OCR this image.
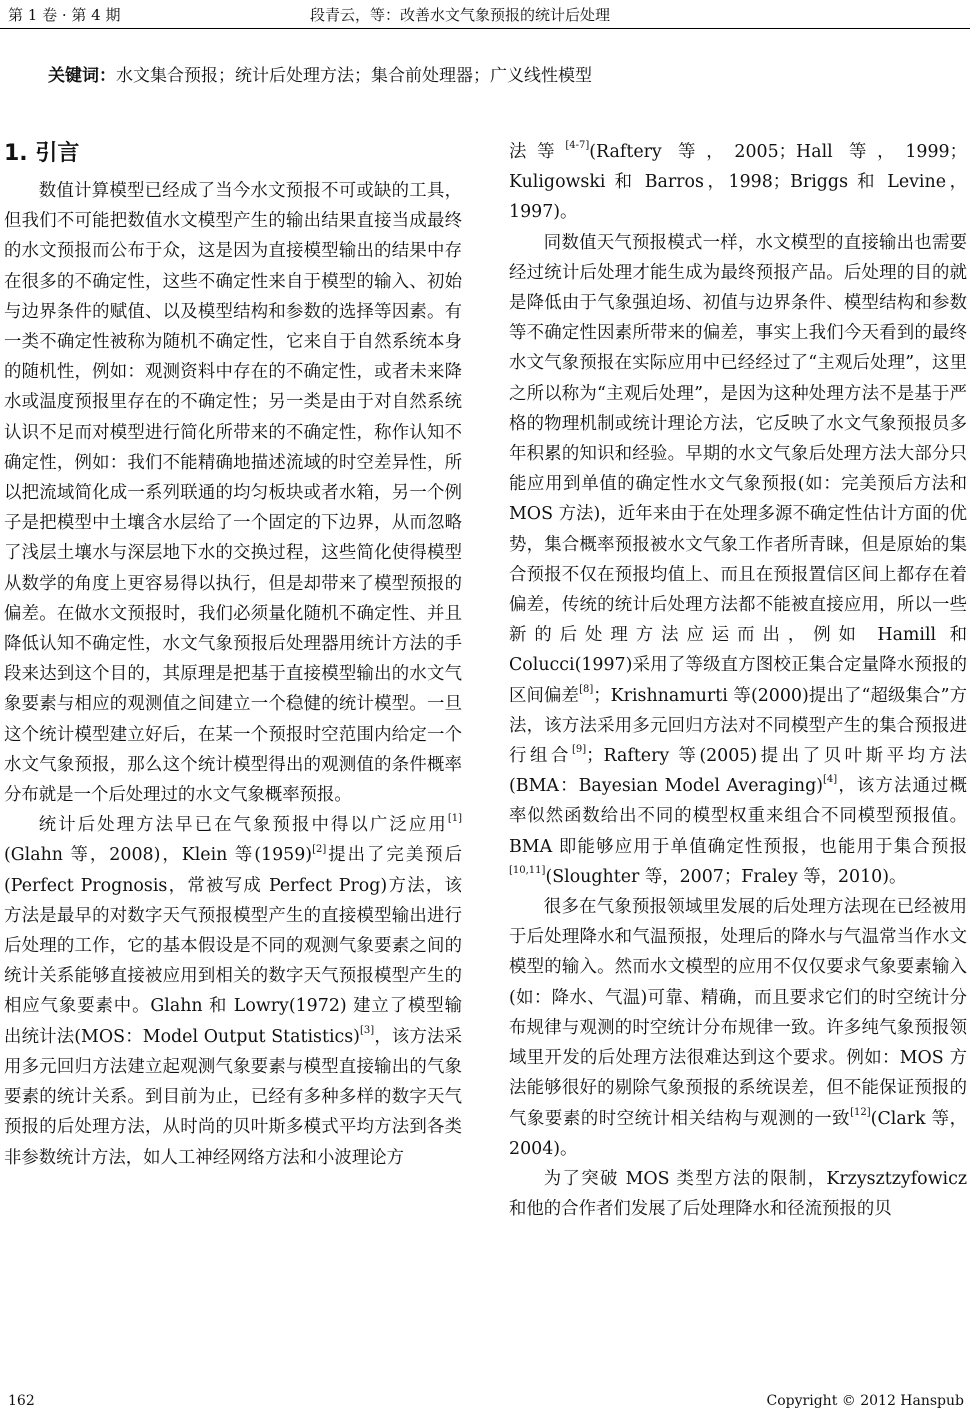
第 1 卷 · 第 4 期	段青云，等：改善水文气象预报的统计后处理
关键词：水文集合预报；统计后处理方法；集合前处理器；广义线性模型
1. 引言

数值计算模型已经成了当今水文预报不可或缺的工具，但我们不可能把数值水文模型产生的输出结果直接当成最终的水文预报而公布于众，这是因为直接模型输出的结果中存在很多的不确定性，这些不确定性来自于模型的输入、初始与边界条件的赋值、以及模型结构和参数的选择等因素。有一类不确定性被称为随机不确定性，它来自于自然系统本身的随机性，例如：观测资料中存在的不确定性，或者未来降水或温度预报里存在的不确定性；另一类是由于对自然系统认识不足而对模型进行简化所带来的不确定性，称作认知不确定性，例如：我们不能精确地描述流域的时空差异性，所以把流域简化成一系列联通的均匀板块或者水箱，另一个例子是把模型中土壤含水层给了一个固定的下边界，从而忽略了浅层土壤水与深层地下水的交换过程，这些简化使得模型从数学的角度上更容易得以执行，但是却带来了模型预报的偏差。在做水文预报时，我们必须量化随机不确定性、并且降低认知不确定性，水文气象预报后处理器用统计方法的手段来达到这个目的，其原理是把基于直接模型输出的水文气象要素与相应的观测值之间建立一个稳健的统计模型。一旦这个统计模型建立好后，在某一个预报时空范围内给定一个水文气象预报，那么这个统计模型得出的观测值的条件概率分布就是一个后处理过的水文气象概率预报。

统计后处理方法早已在气象预报中得以广泛应用[1](Glahn 等，2008)，Klein 等(1959)[2]提出了完美预后(Perfect Prognosis，常被写成 Perfect Prog)方法，该方法是最早的对数字天气预报模型产生的直接模型输出进行后处理的工作，它的基本假设是不同的观测气象要素之间的统计关系能够直接被应用到相关的数字天气预报模型产生的相应气象要素中。Glahn 和 Lowry(1972) 建立了模型输出统计法(MOS：Model Output Statistics)[3]，该方法采用多元回归方法建立起观测气象要素与模型直接输出的气象要素的统计关系。到目前为止，已经有多种多样的数字天气预报的后处理方法，从时尚的贝叶斯多模式平均方法到各类非参数统计方法，如人工神经网络方法和小波理论方

法等[4-7](Raftery 等，2005；Hall 等，1999；Kuligowski 和 Barros，1998；Briggs 和 Levine，1997)。

同数值天气预报模式一样，水文模型的直接输出也需要经过统计后处理才能生成为最终预报产品。后处理的目的就是降低由于气象强迫场、初值与边界条件、模型结构和参数等不确定性因素所带来的偏差，事实上我们今天看到的最终水文气象预报在实际应用中已经经过了“主观后处理”，这里之所以称为“主观后处理”，是因为这种处理方法不是基于严格的物理机制或统计理论方法，它反映了水文气象预报员多年积累的知识和经验。早期的水文气象后处理方法大部分只能应用到单值的确定性水文气象预报(如：完美预后方法和 MOS 方法)，近年来由于在处理多源不确定性估计方面的优势，集合概率预报被水文气象工作者所青睐，但是原始的集合预报不仅在预报均值上、而且在预报置信区间上都存在着偏差，传统的统计后处理方法都不能被直接应用，所以一些新的后处理方法应运而出，例如 Hamill 和 Colucci(1997)采用了等级直方图校正集合定量降水预报的区间偏差[8]；Krishnamurti 等(2000)提出了“超级集合”方法，该方法采用多元回归方法对不同模型产生的集合预报进行组合[9]；Raftery 等(2005)提出了贝叶斯平均方法(BMA：Bayesian Model Averaging)[4]，该方法通过概率似然函数给出不同的模型权重来组合不同模型预报值。BMA 即能够应用于单值确定性预报，也能用于集合预报[10,11](Sloughter 等，2007；Fraley 等，2010)。

很多在气象预报领域里发展的后处理方法现在已经被用于后处理降水和气温预报，处理后的降水与气温常当作水文模型的输入。然而水文模型的应用不仅仅要求气象要素输入(如：降水、气温)可靠、精确，而且要求它们的时空统计分布规律与观测的时空统计分布规律一致。许多纯气象预报领域里开发的后处理方法很难达到这个要求。例如：MOS 方法能够很好的剔除气象预报的系统误差，但不能保证预报的气象要素的时空统计相关结构与观测的一致[12](Clark 等，2004)。

为了突破 MOS 类型方法的限制，Krzysztzyfowicz 和他的合作者们发展了后处理降水和径流预报的贝

162	Copyright © 2012 Hanspub
